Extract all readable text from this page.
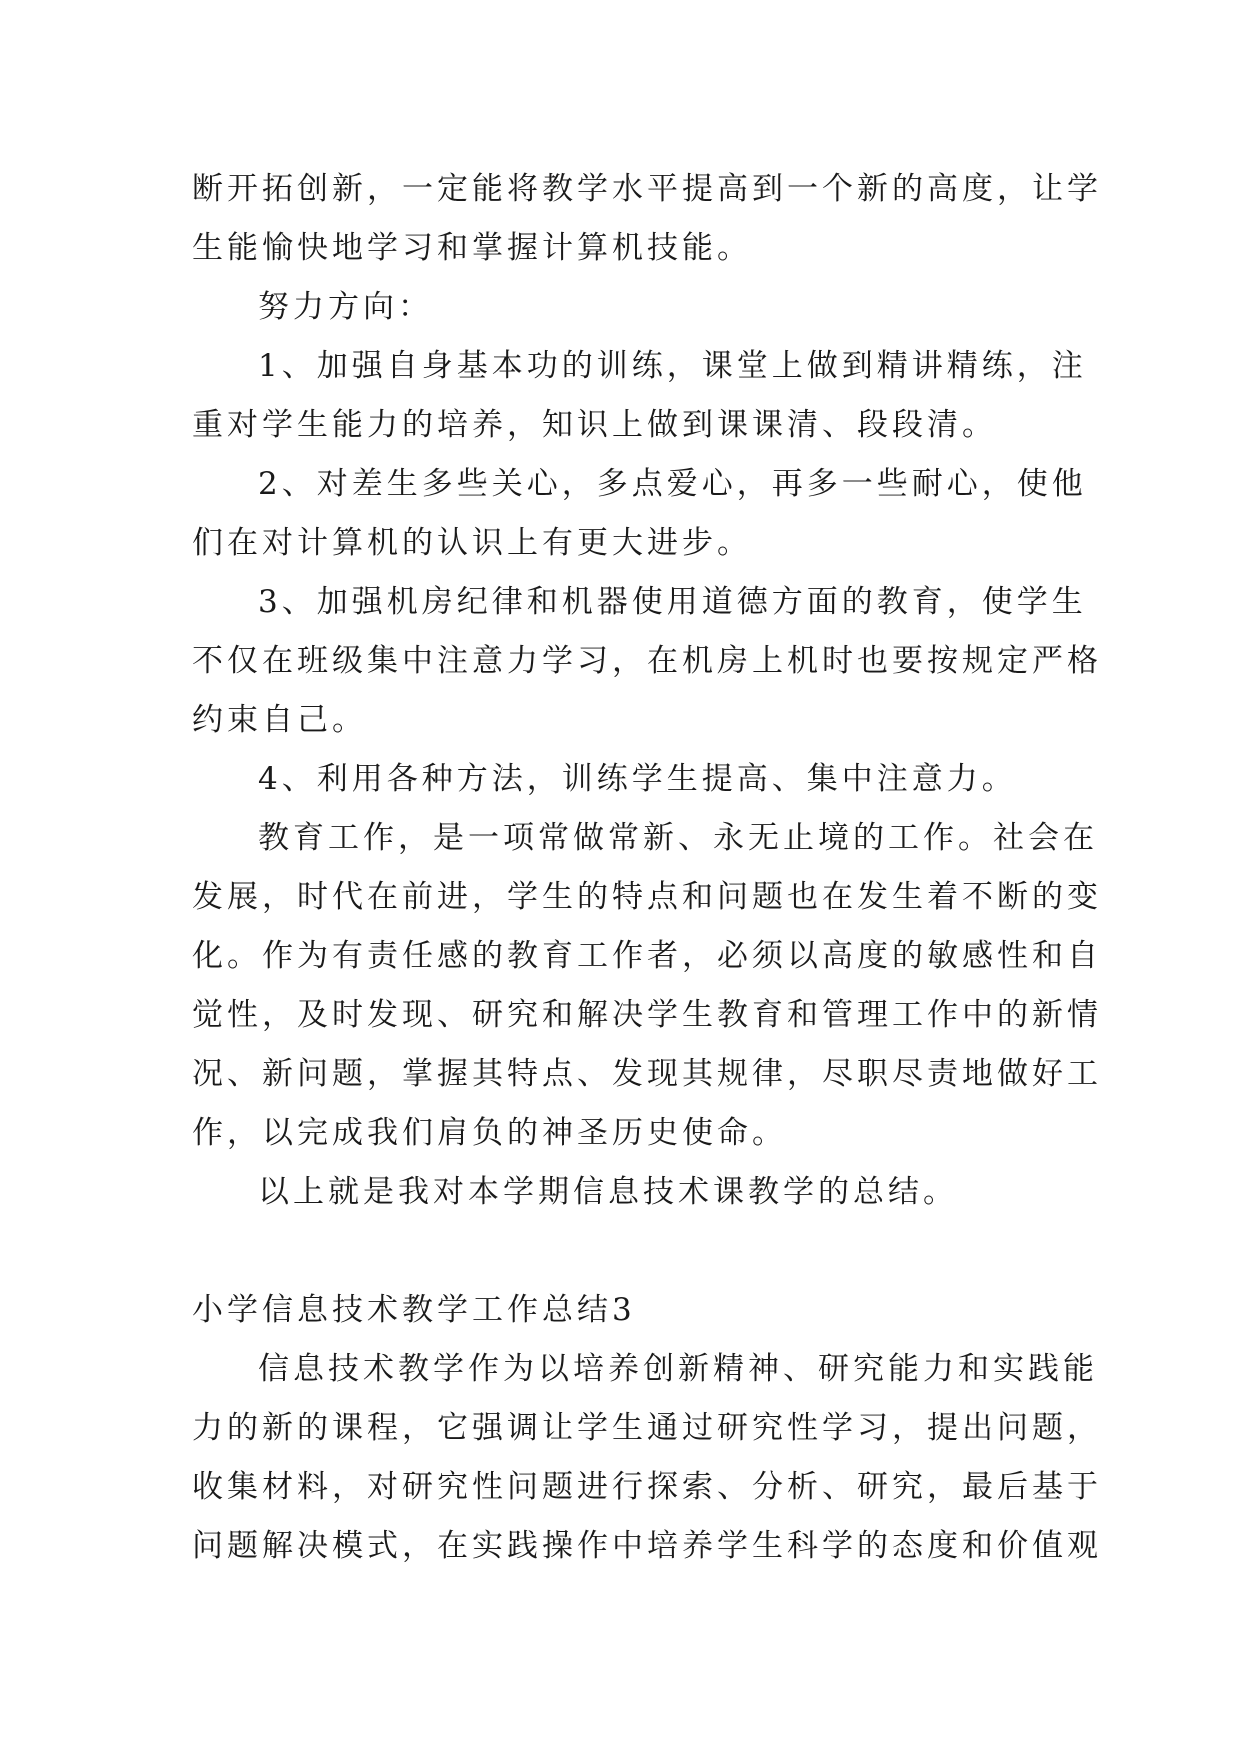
断开拓创新，一定能将教学水平提高到一个新的高度，让学
生能愉快地学习和掌握计算机技能。
努力方向：
1、加强自身基本功的训练，课堂上做到精讲精练，注
重对学生能力的培养，知识上做到课课清、段段清。
2、对差生多些关心，多点爱心，再多一些耐心，使他
们在对计算机的认识上有更大进步。
3、加强机房纪律和机器使用道德方面的教育，使学生
不仅在班级集中注意力学习，在机房上机时也要按规定严格
约束自己。
4、利用各种方法，训练学生提高、集中注意力。
教育工作，是一项常做常新、永无止境的工作。社会在
发展，时代在前进，学生的特点和问题也在发生着不断的变
化。作为有责任感的教育工作者，必须以高度的敏感性和自
觉性，及时发现、研究和解决学生教育和管理工作中的新情
况、新问题，掌握其特点、发现其规律，尽职尽责地做好工
作，以完成我们肩负的神圣历史使命。
以上就是我对本学期信息技术课教学的总结。
小学信息技术教学工作总结3
信息技术教学作为以培养创新精神、研究能力和实践能
力的新的课程，它强调让学生通过研究性学习，提出问题，
收集材料，对研究性问题进行探索、分析、研究，最后基于
问题解决模式，在实践操作中培养学生科学的态度和价值观
